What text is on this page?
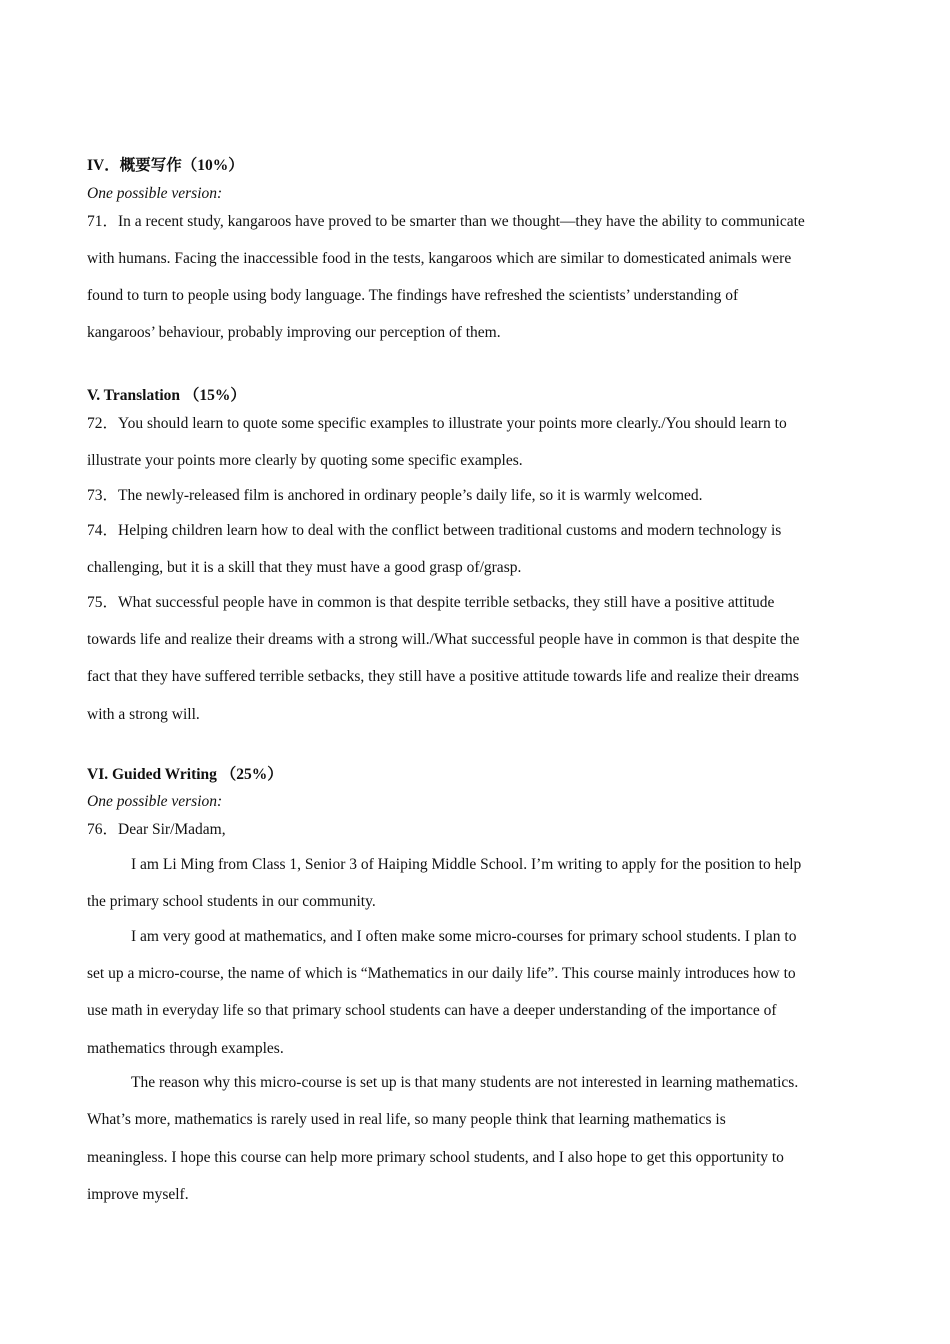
IV．概要写作（10%）
One possible version:
71．In a recent study, kangaroos have proved to be smarter than we thought—they have the ability to communicate
with humans. Facing the inaccessible food in the tests, kangaroos which are similar to domesticated animals were
found to turn to people using body language. The findings have refreshed the scientists’ understanding of
kangaroos’ behaviour, probably improving our perception of them.
V. Translation （15%）
72．You should learn to quote some specific examples to illustrate your points more clearly./You should learn to
illustrate your points more clearly by quoting some specific examples.
73．The newly-released film is anchored in ordinary people’s daily life, so it is warmly welcomed.
74．Helping children learn how to deal with the conflict between traditional customs and modern technology is
challenging, but it is a skill that they must have a good grasp of/grasp.
75．What successful people have in common is that despite terrible setbacks, they still have a positive attitude
towards life and realize their dreams with a strong will./What successful people have in common is that despite the
fact that they have suffered terrible setbacks, they still have a positive attitude towards life and realize their dreams
with a strong will.
VI. Guided Writing （25%）
One possible version:
76．Dear Sir/Madam,
I am Li Ming from Class 1, Senior 3 of Haiping Middle School. I’m writing to apply for the position to help
the primary school students in our community.
I am very good at mathematics, and I often make some micro-courses for primary school students. I plan to
set up a micro-course, the name of which is “Mathematics in our daily life”. This course mainly introduces how to
use math in everyday life so that primary school students can have a deeper understanding of the importance of
mathematics through examples.
The reason why this micro-course is set up is that many students are not interested in learning mathematics.
What’s more, mathematics is rarely used in real life, so many people think that learning mathematics is
meaningless. I hope this course can help more primary school students, and I also hope to get this opportunity to
improve myself.
